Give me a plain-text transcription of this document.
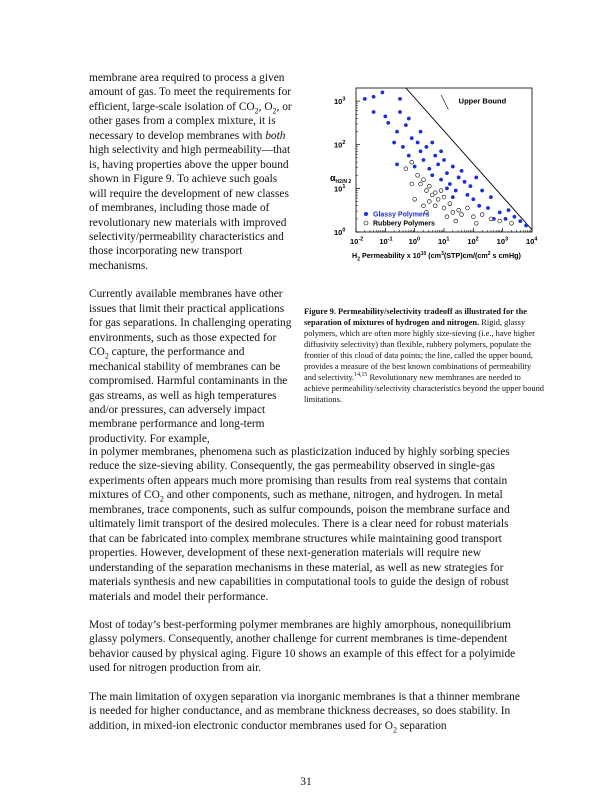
membrane area required to process a given amount of gas. To meet the requirements for efficient, large-scale isolation of $CO_2$, $O_2$, or other gases from a complex mixture, it is necessary to develop membranes with both high selectivity and high permeability—that is, having properties above the upper bound shown in Figure 9. To achieve such goals will require the development of new classes of membranes, including those made of revolutionary new materials with improved selectivity/permeability characteristics and those incorporating new transport mechanisms.

Currently available membranes have other issues that limit their practical applications for gas separations. In challenging operating environments, such as those expected for $CO_2$ capture, the performance and mechanical stability of membranes can be compromised. Harmful contaminants in the gas streams, as well as high temperatures and/or pressures, can adversely impact membrane performance and long-term productivity. For example,

$10^{-2}$ $10^{-1}$ $10^0$ $10^1$ $10^2$ $10^3$ $10^4$
$10^0$
$10^1$
$10^2$
$10^3$
$\alpha_{H2/N 2}$
$H_2$ Permeability x $10^{10}$ ($cm^3(STP)cm/(cm^2$ s cmHg)
Upper Bound
Glassy Polymers
Rubbery Polymers
Figure 9. Permeability/selectivity tradeoff as illustrated for the separation of mixtures of hydrogen and nitrogen. Rigid, glassy polymers, which are often more highly size-sieving (i.e., have higher diffusivity selectivity) than flexible, rubbery polymers, populate the frontier of this cloud of data points; the line, called the upper bound, provides a measure of the best known combinations of permeability and selectivity.$^{14,15}$ Revolutionary new membranes are needed to achieve permeability/selectivity characteristics beyond the upper bound limitations.

in polymer membranes, phenomena such as plasticization induced by highly sorbing species reduce the size-sieving ability. Consequently, the gas permeability observed in single-gas experiments often appears much more promising than results from real systems that contain mixtures of $CO_2$ and other components, such as methane, nitrogen, and hydrogen. In metal membranes, trace components, such as sulfur compounds, poison the membrane surface and ultimately limit transport of the desired molecules. There is a clear need for robust materials that can be fabricated into complex membrane structures while maintaining good transport properties. However, development of these next-generation materials will require new understanding of the separation mechanisms in these material, as well as new strategies for materials synthesis and new capabilities in computational tools to guide the design of robust materials and model their performance.

Most of today’s best-performing polymer membranes are highly amorphous, nonequilibrium glassy polymers. Consequently, another challenge for current membranes is time-dependent behavior caused by physical aging. Figure 10 shows an example of this effect for a polyimide used for nitrogen production from air.

The main limitation of oxygen separation via inorganic membranes is that a thinner membrane is needed for higher conductance, and as membrane thickness decreases, so does stability. In addition, in mixed-ion electronic conductor membranes used for $O_2$ separation

31
